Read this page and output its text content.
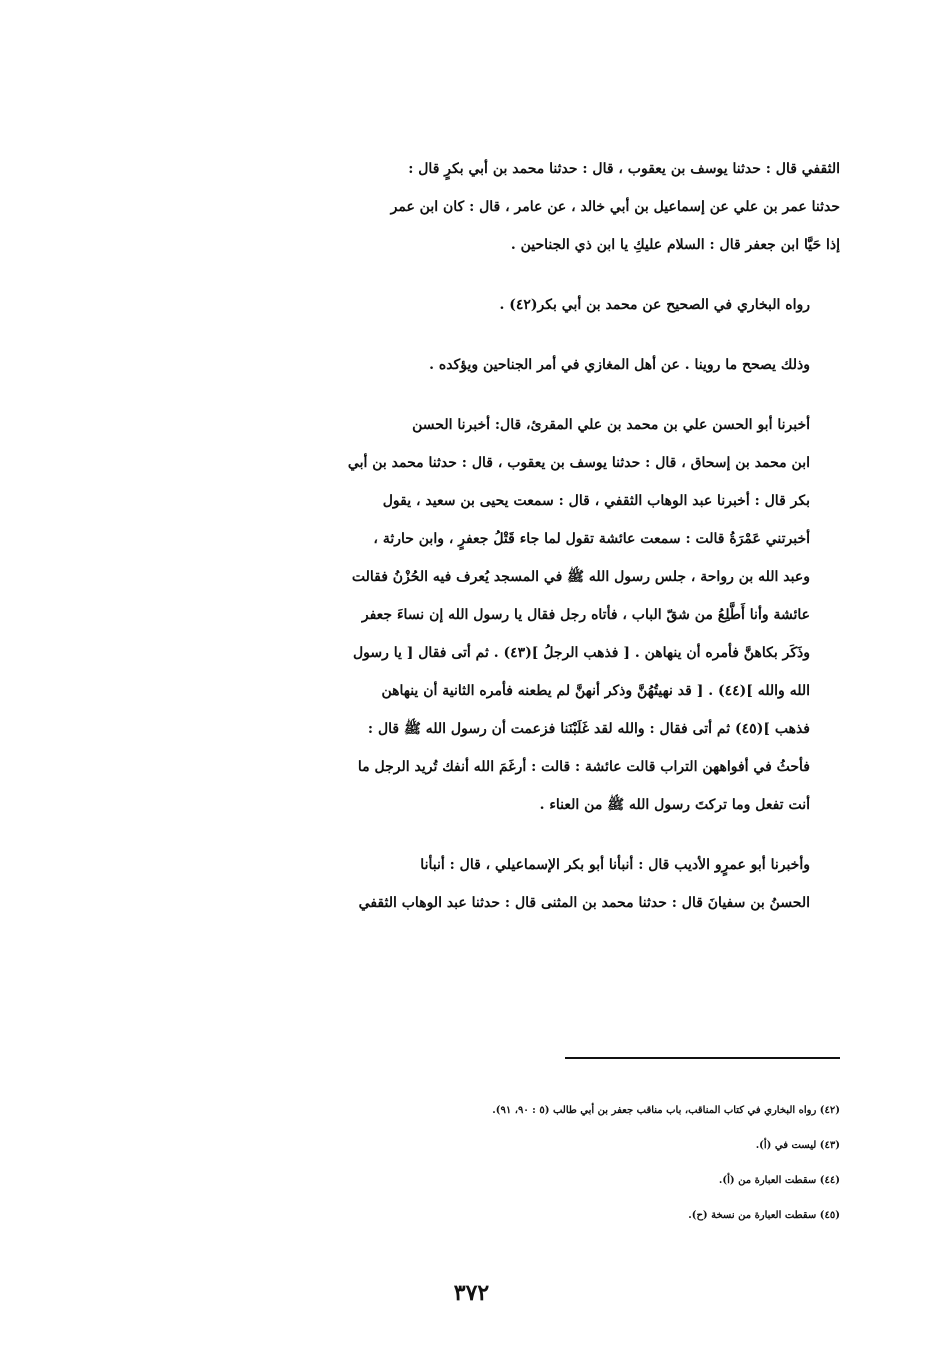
الثقفي قال : حدثنا يوسف بن يعقوب ، قال : حدثنا محمد بن أبي بكرٍ قال :
حدثنا عمر بن علي عن إسماعيل بن أبي خالد ، عن عامر ، قال : كان ابن عمر
إذا حَيَّا ابن جعفر قال : السلام عليكِ يا ابن ذي الجناحين .

رواه البخاري في الصحيح عن محمد بن أبي بكر(٤٢) .

وذلك يصحح ما روينا . عن أهل المغازي في أمر الجناحين ويؤكده .

أخبرنا أبو الحسن علي بن محمد بن علي المقرئ، قال: أخبرنا الحسن
ابن محمد بن إسحاق ، قال : حدثنا يوسف بن يعقوب ، قال : حدثنا محمد بن أبي
بكر قال : أخبرنا عبد الوهاب الثقفي ، قال : سمعت يحيى بن سعيد ، يقول
أخبرتني عَمْرَةُ قالت : سمعت عائشة تقول لما جاء قَتْلُ جعفرٍ ، وابن حارثة ،
وعبد الله بن رواحة ، جلس رسول الله ﷺ في المسجد يُعرف فيه الحُزْنُ فقالت
عائشة وأنا أَطَّلِعُ من شقّ الباب ، فأتاه رجل فقال يا رسول الله إن نساءَ جعفر
وذَكَر بكاهنَّ فأمره أن ينهاهن . [ فذهب الرجلُ ](٤٣) . ثم أتى فقال [ يا رسول
الله والله ](٤٤) . [ قد نهيتُهُنَّ وذكر أنهنَّ لم يطعنه فأمره الثانية أن ينهاهن
فذهب ](٤٥) ثم أتى فقال : والله لقد غَلَبْنَنا فزعمت أن رسول الله ﷺ قال :
فأحثُ في أفواههن التراب قالت عائشة : قالت : أرغَمَ الله أنفك تُريد الرجل ما
أنت تفعل وما تركتَ رسول الله ﷺ من العناء .

وأخبرنا أبو عمرٍو الأديب قال : أنبأنا أبو بكر الإسماعيلي ، قال : أنبأنا
الحسنُ بن سفيانَ قال : حدثنا محمد بن المثنى قال : حدثنا عبد الوهاب الثقفي

(٤٢) رواه البخاري في كتاب المناقب، باب مناقب جعفر بن أبي طالب (٥ : ٩٠، ٩١).
(٤٣) ليست في (أ).
(٤٤) سقطت العبارة من (أ).
(٤٥) سقطت العبارة من نسخة (ح).
٣٧٢
